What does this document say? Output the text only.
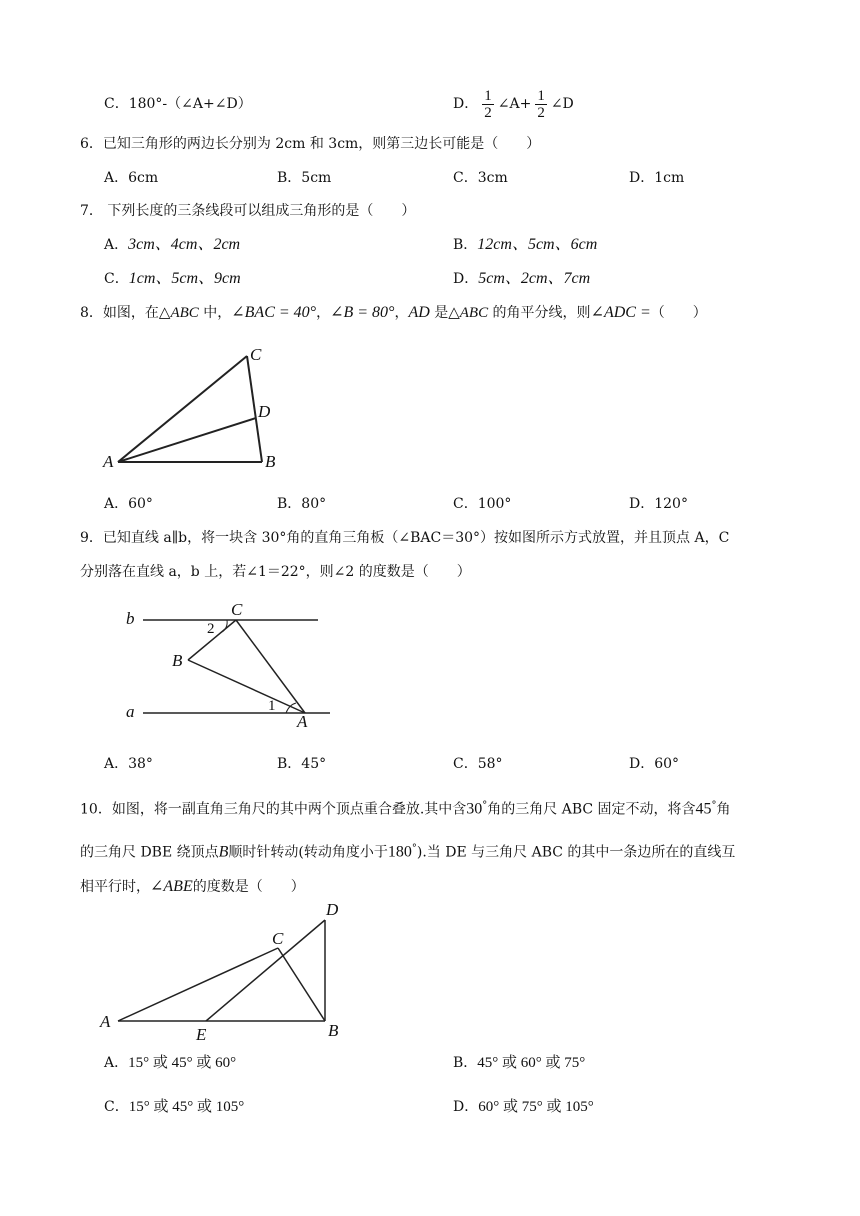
C．180°-（∠A+∠D）	D． $\frac{1}{2}$ ∠A+ $\frac{1}{2}$ ∠D
6．已知三角形的两边长分别为 2cm 和 3cm，则第三边长可能是（　　）
A．6cm	B．5cm	C．3cm	D．1cm
7． 下列长度的三条线段可以组成三角形的是（　　）
A．3cm、4cm、2cm	B．12cm、5cm、6cm
C．1cm、5cm、9cm	D．5cm、2cm、7cm
8．如图，在△ABC 中，∠BAC = 40°，∠B = 80°，AD 是△ABC 的角平分线，则∠ADC =（　　）
A	B
C
D
A．60°	B．80°	C．100°	D．120°
9．已知直线 a∥b，将一块含 30°角的直角三角板（∠BAC＝30°）按如图所示方式放置，并且顶点 A，C
分别落在直线 a，b 上，若∠1＝22°，则∠2 的度数是（　　）
b
a
C
B
A
1
2
A．38°	B．45°	C．58°	D．60°
10．如图，将一副直角三角尺的其中两个顶点重合叠放.其中含30°角的三角尺 ABC 固定不动，将含45°角
的三角尺 DBE 绕顶点B顺时针转动(转动角度小于180°).当 DE 与三角尺 ABC 的其中一条边所在的直线互
相平行时，∠ABE的度数是（　　）
A	B
C
D
E
A．15° 或 45° 或 60°	B．45° 或 60° 或 75°
C．15° 或 45° 或 105°	D．60° 或 75° 或 105°
